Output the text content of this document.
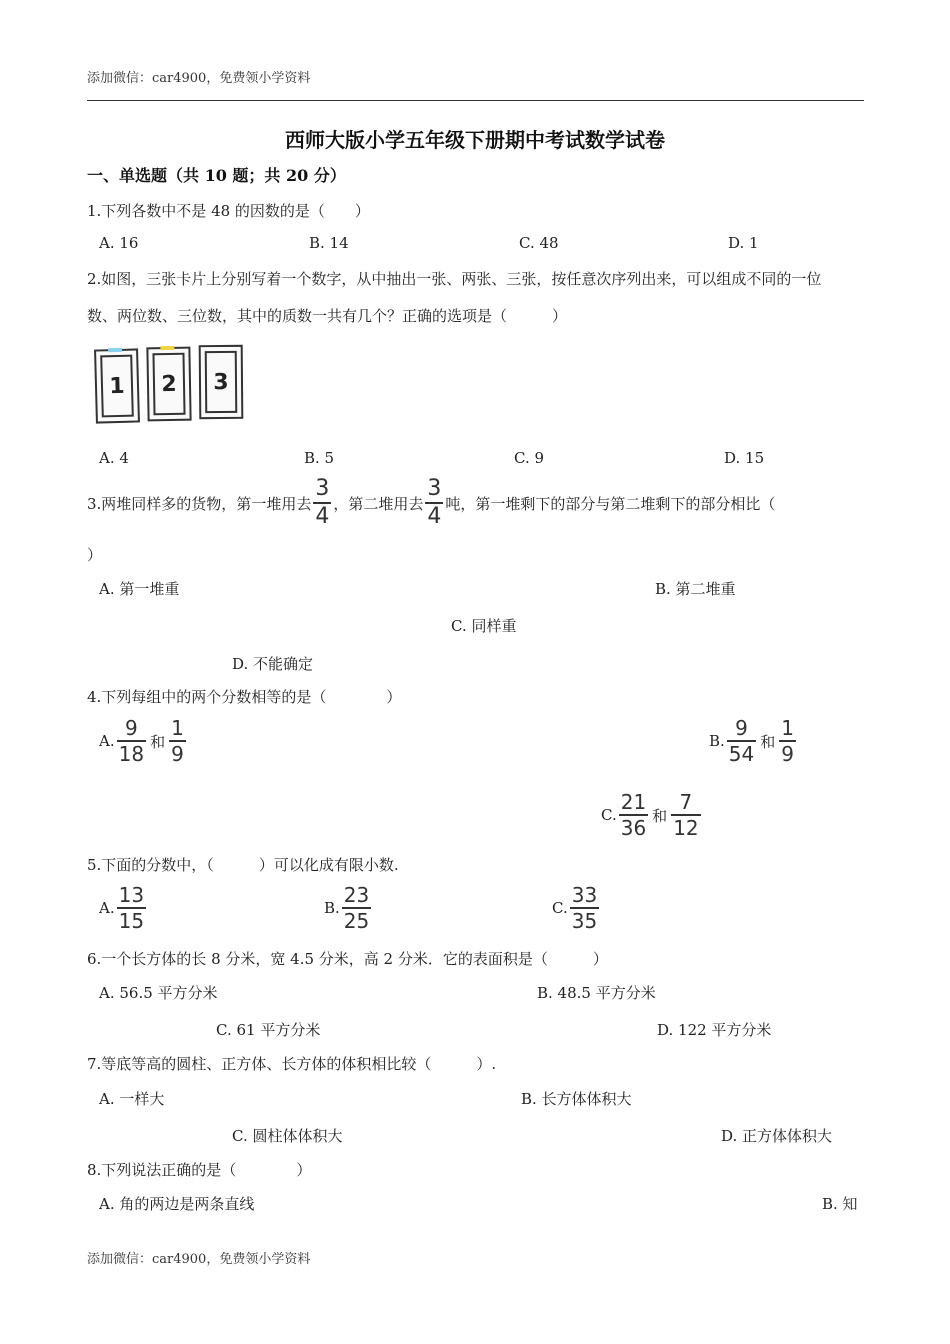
添加微信：car4900，免费领小学资料
西师大版小学五年级下册期中考试数学试卷
一、单选题（共 10 题；共 20 分）
1.下列各数中不是 48 的因数的是（　　）
A. 16	B. 14	C. 48	D. 1
2.如图，三张卡片上分别写着一个数字，从中抽出一张、两张、三张，按任意次序列出来，可以组成不同的一位
数、两位数、三位数，其中的质数一共有几个？正确的选项是（　　　）
1	2	3
A. 4	B. 5	C. 9	D. 15
3.两堆同样多的货物，第一堆用去 $\frac{3}{4}$ ，第二堆用去 $\frac{3}{4}$ 吨，第一堆剩下的部分与第二堆剩下的部分相比（
）
A. 第一堆重	B. 第二堆重
C. 同样重
D. 不能确定
4.下列每组中的两个分数相等的是（　　　　）
A. $\frac{9}{18}$ 和 $\frac{1}{9}$	B. $\frac{9}{54}$ 和 $\frac{1}{9}$
C. $\frac{21}{36}$ 和 $\frac{7}{12}$
5.下面的分数中，（　　　）可以化成有限小数.
A. $\frac{13}{15}$	B. $\frac{23}{25}$	C. $\frac{33}{35}$
6.一个长方体的长 8 分米，宽 4.5 分米，高 2 分米．它的表面积是（　　　）
A. 56.5 平方分米	B. 48.5 平方分米
C. 61 平方分米	D. 122 平方分米
7.等底等高的圆柱、正方体、长方体的体积相比较（　　　）.
A. 一样大	B. 长方体体积大
C. 圆柱体体积大	D. 正方体体积大
8.下列说法正确的是（　　　　）
A. 角的两边是两条直线	B. 知
添加微信：car4900，免费领小学资料
